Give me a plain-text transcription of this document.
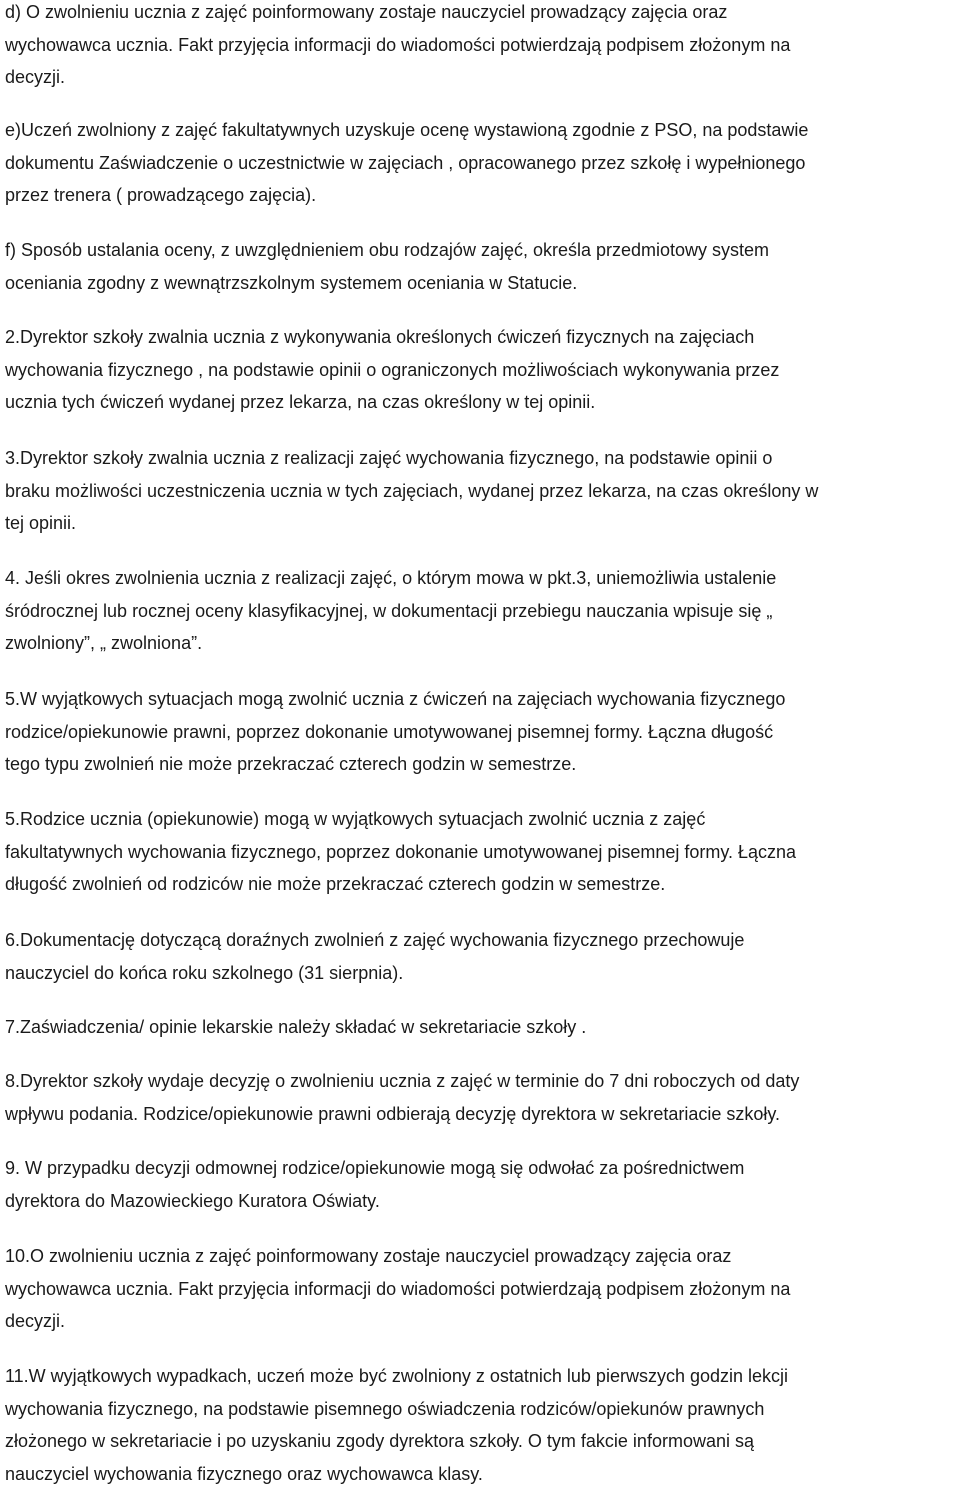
d) O zwolnieniu ucznia z zajęć poinformowany zostaje nauczyciel prowadzący zajęcia oraz
wychowawca ucznia. Fakt przyjęcia informacji do wiadomości potwierdzają podpisem złożonym na
decyzji.
e)Uczeń zwolniony z zajęć fakultatywnych uzyskuje ocenę wystawioną zgodnie z PSO, na podstawie
dokumentu Zaświadczenie o uczestnictwie w zajęciach , opracowanego przez szkołę i wypełnionego
przez trenera ( prowadzącego zajęcia).
f) Sposób ustalania oceny, z uwzględnieniem obu rodzajów zajęć, określa przedmiotowy system
oceniania zgodny z wewnątrzszkolnym systemem oceniania w Statucie.
2.Dyrektor szkoły zwalnia ucznia z wykonywania określonych ćwiczeń fizycznych na zajęciach
wychowania fizycznego , na podstawie opinii o ograniczonych możliwościach wykonywania przez
ucznia tych ćwiczeń wydanej przez lekarza, na czas określony w tej opinii.
3.Dyrektor szkoły zwalnia ucznia z realizacji zajęć wychowania fizycznego, na podstawie opinii o
braku możliwości uczestniczenia ucznia w tych zajęciach, wydanej przez lekarza, na czas określony w
tej opinii.
4. Jeśli okres zwolnienia ucznia z realizacji zajęć, o którym mowa w pkt.3, uniemożliwia ustalenie
śródrocznej lub rocznej oceny klasyfikacyjnej, w dokumentacji przebiegu nauczania wpisuje się „
zwolniony”, „ zwolniona”.
5.W wyjątkowych sytuacjach mogą zwolnić ucznia z ćwiczeń na zajęciach wychowania fizycznego
rodzice/opiekunowie prawni, poprzez dokonanie umotywowanej pisemnej formy. Łączna długość
tego typu zwolnień nie może przekraczać czterech godzin w semestrze.
5.Rodzice ucznia (opiekunowie) mogą w wyjątkowych sytuacjach zwolnić ucznia z zajęć
fakultatywnych wychowania fizycznego, poprzez dokonanie umotywowanej pisemnej formy. Łączna
długość zwolnień od rodziców nie może przekraczać czterech godzin w semestrze.
6.Dokumentację dotyczącą doraźnych zwolnień z zajęć wychowania fizycznego przechowuje
nauczyciel do końca roku szkolnego (31 sierpnia).
7.Zaświadczenia/ opinie lekarskie należy składać w sekretariacie szkoły .
8.Dyrektor szkoły wydaje decyzję o zwolnieniu ucznia z zajęć w terminie do 7 dni roboczych od daty
wpływu podania. Rodzice/opiekunowie prawni odbierają decyzję dyrektora w sekretariacie szkoły.
9. W przypadku decyzji odmownej rodzice/opiekunowie mogą się odwołać za pośrednictwem
dyrektora do Mazowieckiego Kuratora Oświaty.
10.O zwolnieniu ucznia z zajęć poinformowany zostaje nauczyciel prowadzący zajęcia oraz
wychowawca ucznia. Fakt przyjęcia informacji do wiadomości potwierdzają podpisem złożonym na
decyzji.
11.W wyjątkowych wypadkach, uczeń może być zwolniony z ostatnich lub pierwszych godzin lekcji
wychowania fizycznego, na podstawie pisemnego oświadczenia rodziców/opiekunów prawnych
złożonego w sekretariacie i po uzyskaniu zgody dyrektora szkoły. O tym fakcie informowani są
nauczyciel wychowania fizycznego oraz wychowawca klasy.
